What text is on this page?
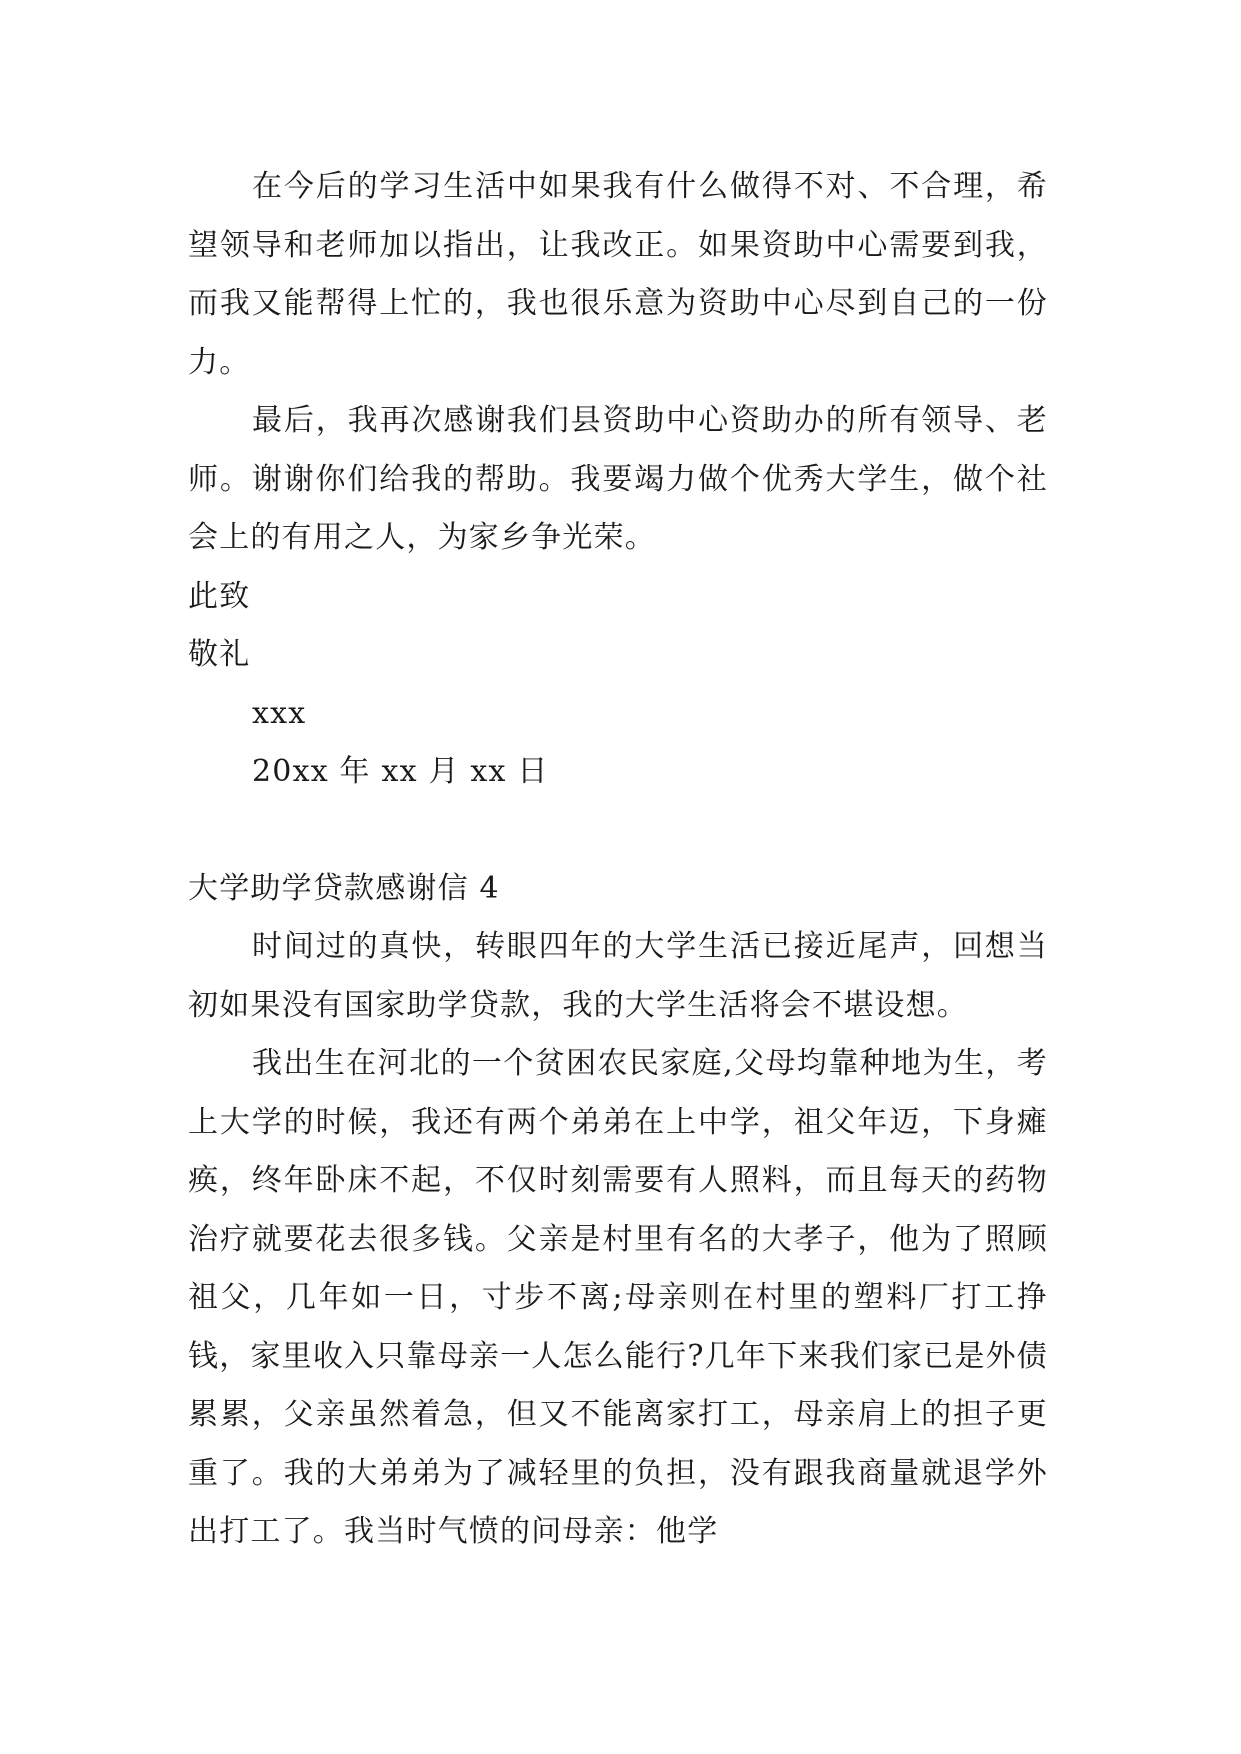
在今后的学习生活中如果我有什么做得不对、不合理，希望领导和老师加以指出，让我改正。如果资助中心需要到我，而我又能帮得上忙的，我也很乐意为资助中心尽到自己的一份力。

最后，我再次感谢我们县资助中心资助办的所有领导、老师。谢谢你们给我的帮助。我要竭力做个优秀大学生，做个社会上的有用之人，为家乡争光荣。

此致

敬礼

xxx

20xx 年 xx 月 xx 日

大学助学贷款感谢信 4

时间过的真快，转眼四年的大学生活已接近尾声，回想当初如果没有国家助学贷款，我的大学生活将会不堪设想。

我出生在河北的一个贫困农民家庭,父母均靠种地为生，考上大学的时候，我还有两个弟弟在上中学，祖父年迈，下身瘫痪，终年卧床不起，不仅时刻需要有人照料，而且每天的药物治疗就要花去很多钱。父亲是村里有名的大孝子，他为了照顾祖父，几年如一日，寸步不离;母亲则在村里的塑料厂打工挣钱，家里收入只靠母亲一人怎么能行?几年下来我们家已是外债累累，父亲虽然着急，但又不能离家打工，母亲肩上的担子更重了。我的大弟弟为了减轻里的负担，没有跟我商量就退学外出打工了。我当时气愤的问母亲：他学
